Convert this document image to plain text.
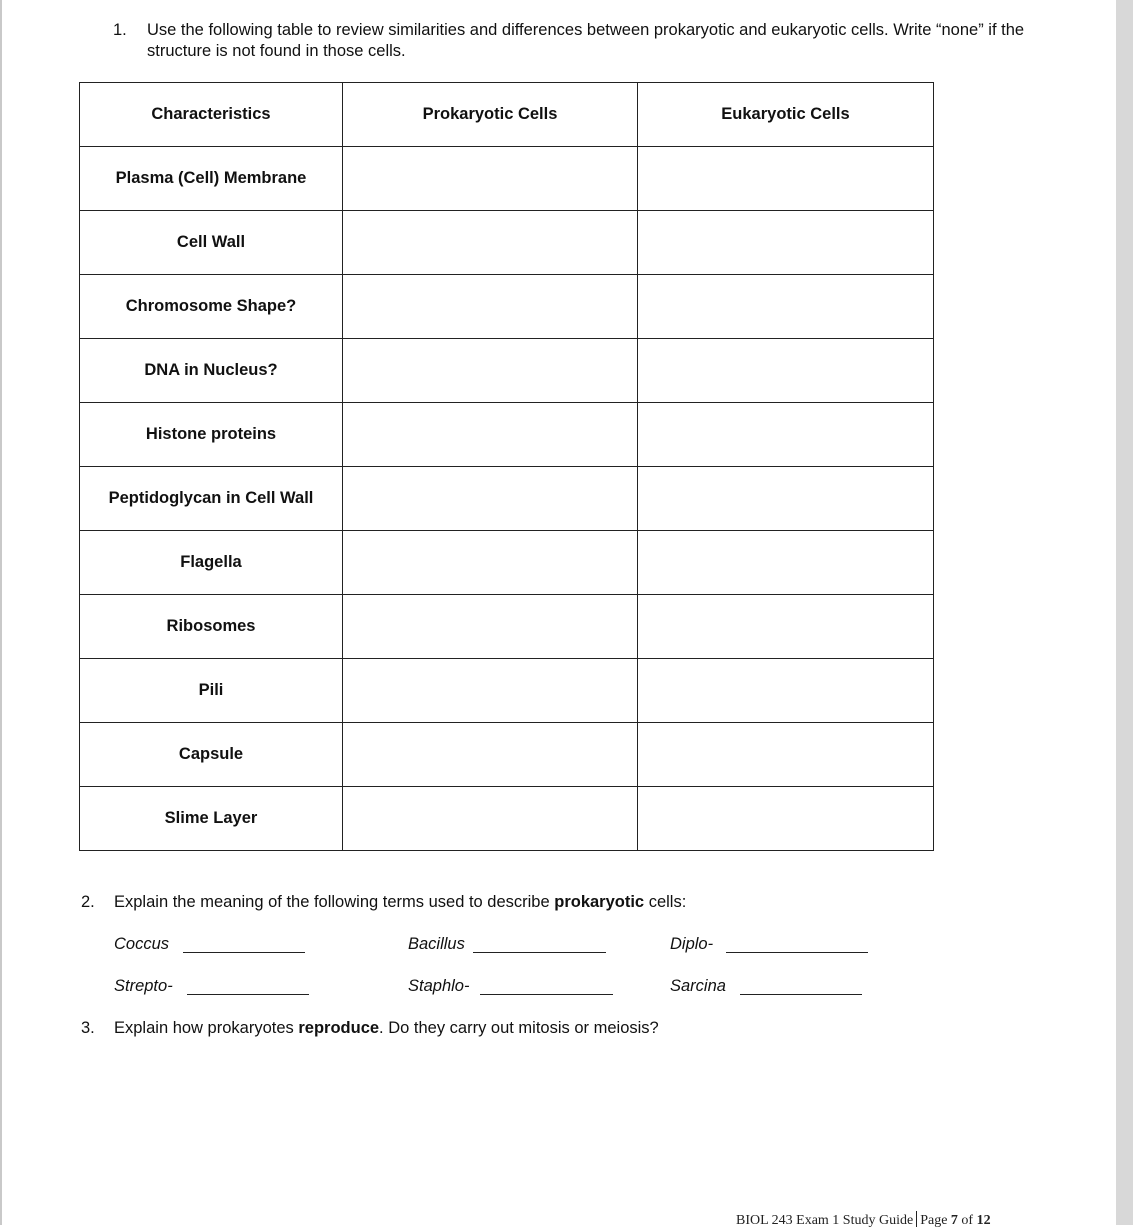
1. Use the following table to review similarities and differences between prokaryotic and eukaryotic cells. Write “none” if the structure is not found in those cells.
Characteristics	Prokaryotic Cells	Eukaryotic Cells
Plasma (Cell) Membrane		
Cell Wall		
Chromosome Shape?		
DNA in Nucleus?		
Histone proteins		
Peptidoglycan in Cell Wall		
Flagella		
Ribosomes		
Pili		
Capsule		
Slime Layer		
2. Explain the meaning of the following terms used to describe prokaryotic cells:
Coccus	Bacillus	Diplo-
Strepto-	Staphlo-	Sarcina
3. Explain how prokaryotes reproduce. Do they carry out mitosis or meiosis?
BIOL 243 Exam 1 Study Guide Page 7 of 12
